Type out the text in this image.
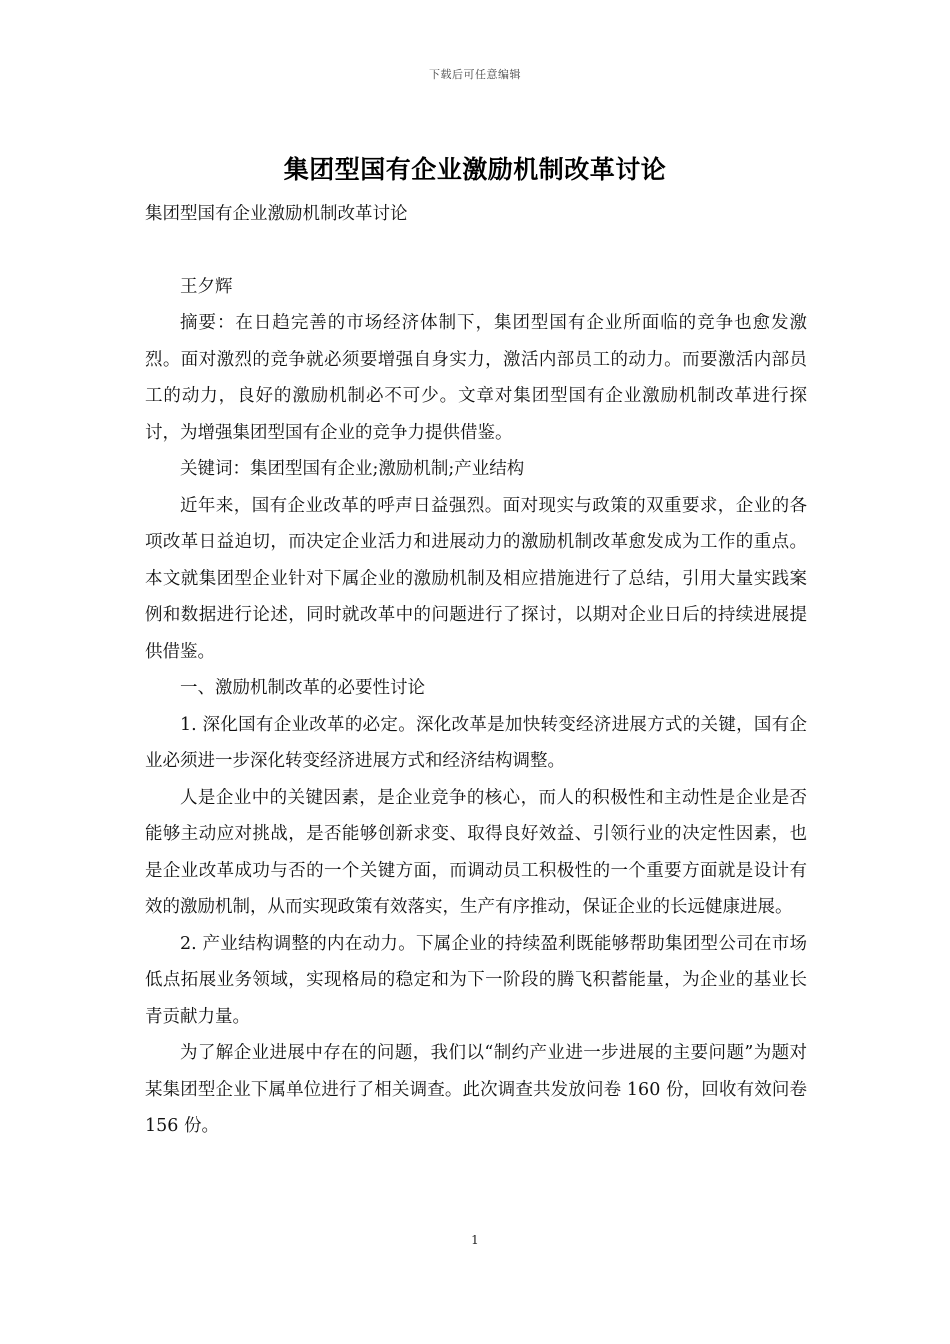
下载后可任意编辑
集团型国有企业激励机制改革讨论

集团型国有企业激励机制改革讨论

王夕辉

摘要：在日趋完善的市场经济体制下，集团型国有企业所面临的竞争也愈发激烈。面对激烈的竞争就必须要增强自身实力，激活内部员工的动力。而要激活内部员工的动力，良好的激励机制必不可少。文章对集团型国有企业激励机制改革进行探讨，为增强集团型国有企业的竞争力提供借鉴。

关键词：集团型国有企业;激励机制;产业结构

近年来，国有企业改革的呼声日益强烈。面对现实与政策的双重要求，企业的各项改革日益迫切，而决定企业活力和进展动力的激励机制改革愈发成为工作的重点。本文就集团型企业针对下属企业的激励机制及相应措施进行了总结，引用大量实践案例和数据进行论述，同时就改革中的问题进行了探讨，以期对企业日后的持续进展提供借鉴。

一、激励机制改革的必要性讨论

1. 深化国有企业改革的必定。深化改革是加快转变经济进展方式的关键，国有企业必须进一步深化转变经济进展方式和经济结构调整。

人是企业中的关键因素，是企业竞争的核心，而人的积极性和主动性是企业是否能够主动应对挑战，是否能够创新求变、取得良好效益、引领行业的决定性因素，也是企业改革成功与否的一个关键方面，而调动员工积极性的一个重要方面就是设计有效的激励机制，从而实现政策有效落实，生产有序推动，保证企业的长远健康进展。

2. 产业结构调整的内在动力。下属企业的持续盈利既能够帮助集团型公司在市场低点拓展业务领域，实现格局的稳定和为下一阶段的腾飞积蓄能量，为企业的基业长青贡献力量。

为了解企业进展中存在的问题，我们以“制约产业进一步进展的主要问题”为题对某集团型企业下属单位进行了相关调查。此次调查共发放问卷 160 份，回收有效问卷 156 份。

1
